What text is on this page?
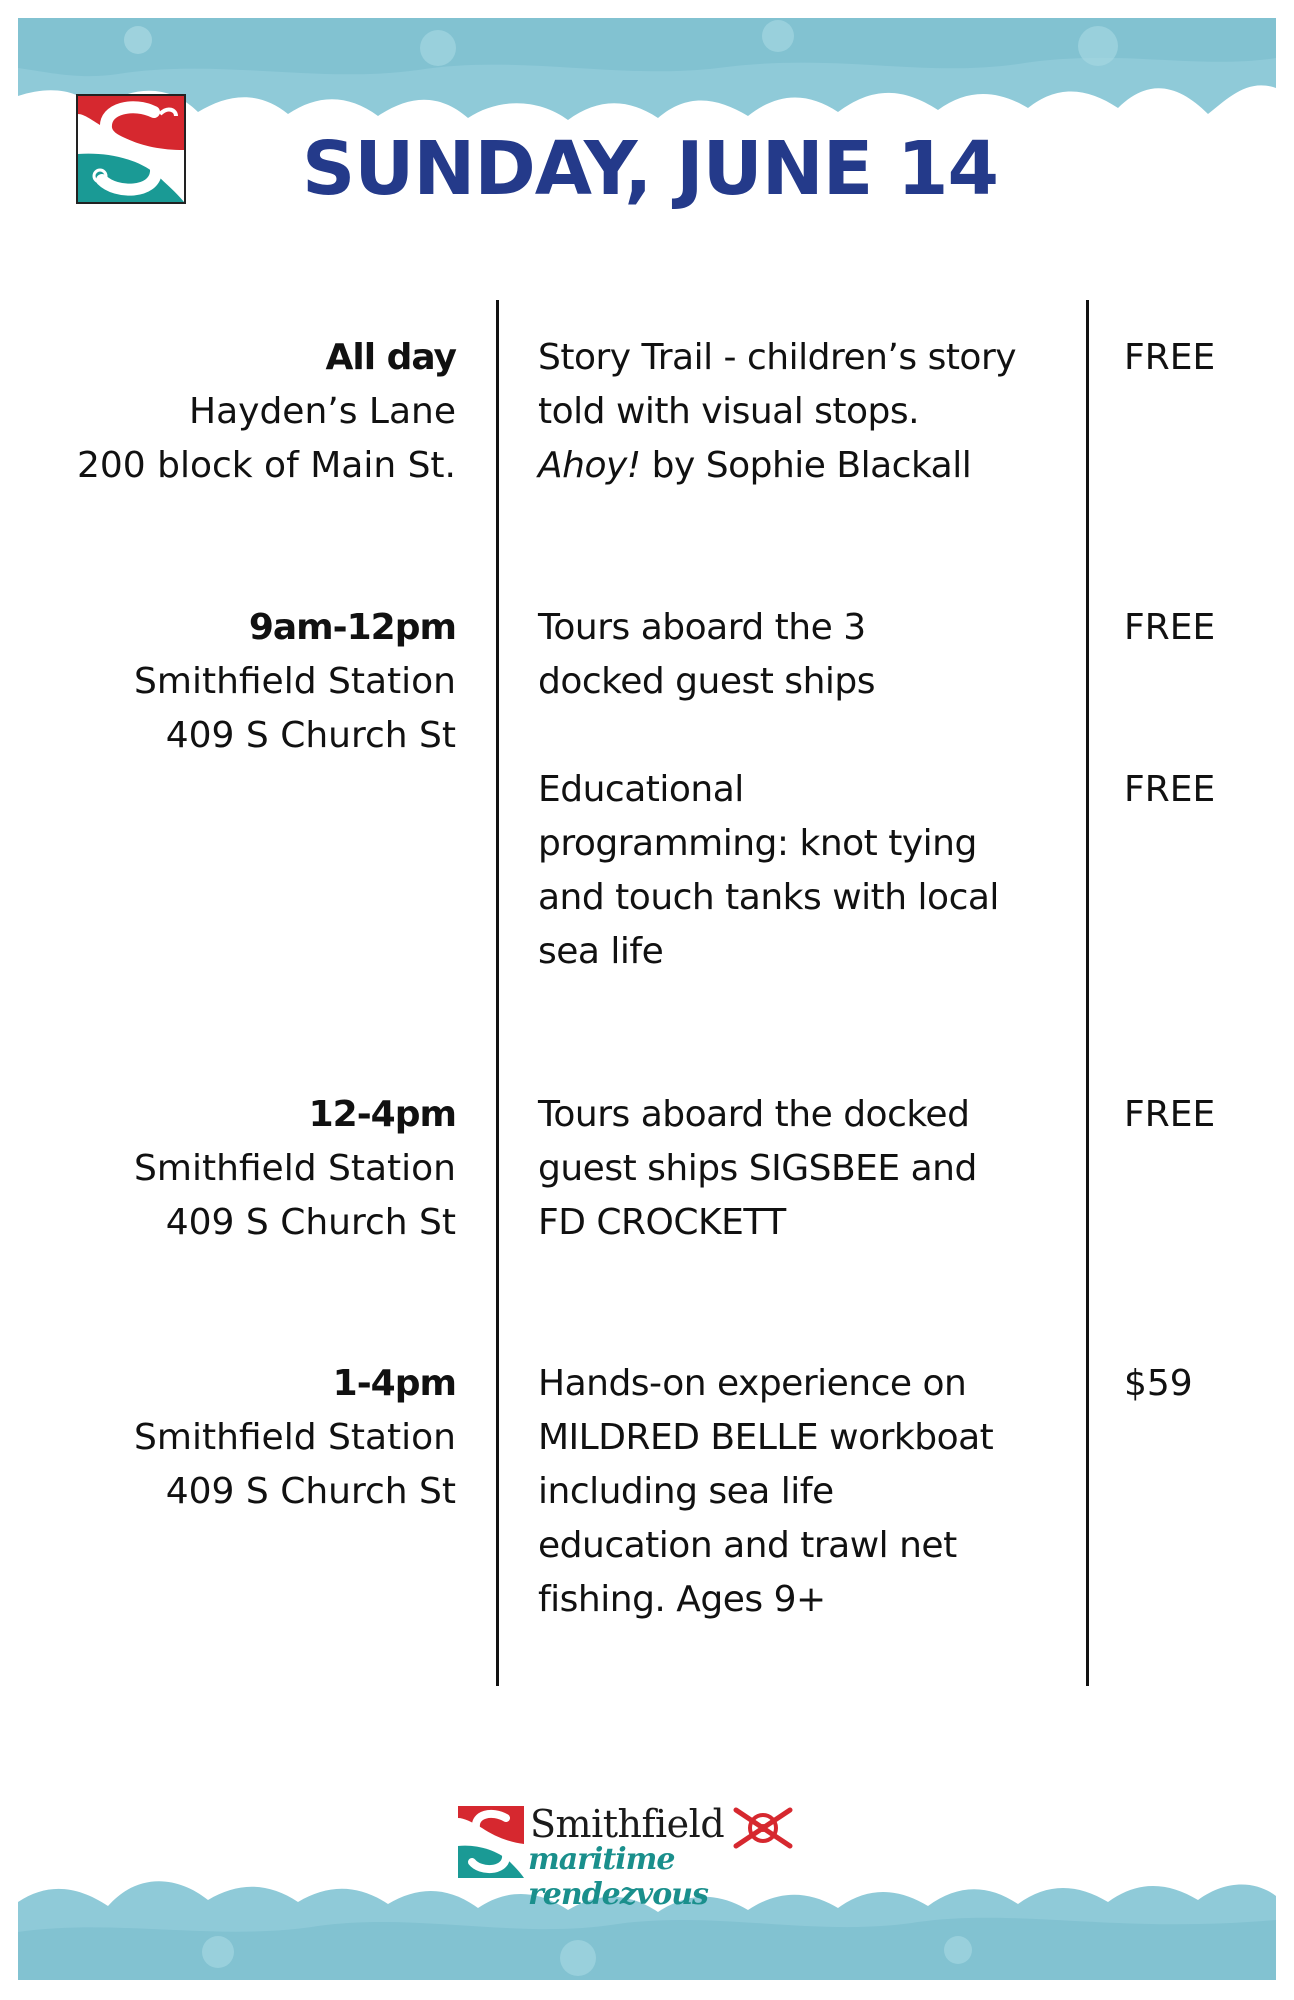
SUNDAY, JUNE 14
All day
Hayden’s Lane
200 block of Main St.
Story Trail - children’s story
told with visual stops.
Ahoy! by Sophie Blackall
FREE
9am-12pm
Smithfield Station
409 S Church St
Tours aboard the 3
docked guest ships
FREE
Educational
programming: knot tying
and touch tanks with local
sea life
FREE
12-4pm
Smithfield Station
409 S Church St
Tours aboard the docked
guest ships SIGSBEE and
FD CROCKETT
FREE
1-4pm
Smithfield Station
409 S Church St
Hands-on experience on
MILDRED BELLE workboat
including sea life
education and trawl net
fishing. Ages 9+
$59
Smithfield
maritime rendezvous
